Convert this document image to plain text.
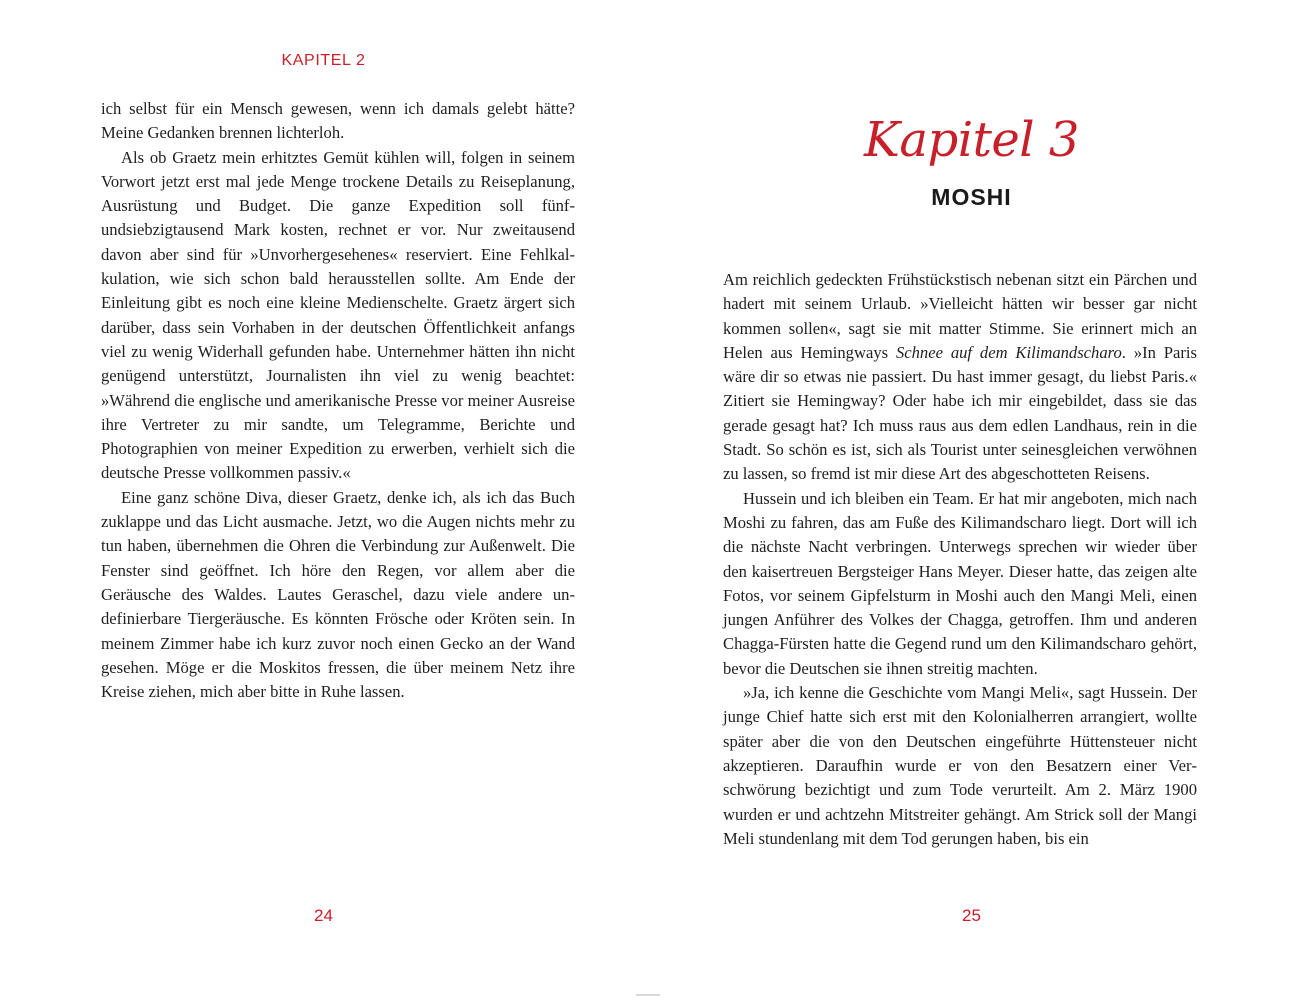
KAPITEL 2

ich selbst für ein Mensch gewesen, wenn ich damals gelebt hätte? Meine Gedanken brennen lichterloh.

Als ob Graetz mein erhitztes Gemüt kühlen will, folgen in seinem Vorwort jetzt erst mal jede Menge trockene Details zu Reiseplanung, Ausrüstung und Budget. Die ganze Expedition soll fünfundsiebzigtausend Mark kosten, rechnet er vor. Nur zweitausend davon aber sind für »Unvorhergesehenes« reserviert. Eine Fehlkalkulation, wie sich schon bald herausstellen sollte. Am Ende der Einleitung gibt es noch eine kleine Medienschelte. Graetz ärgert sich darüber, dass sein Vorhaben in der deutschen Öffentlichkeit anfangs viel zu wenig Widerhall gefunden habe. Unternehmer hätten ihn nicht genügend unterstützt, Journalisten ihn viel zu wenig beachtet: »Während die englische und amerikanische Presse vor meiner Ausreise ihre Vertreter zu mir sandte, um Telegramme, Berichte und Photographien von meiner Expedition zu erwerben, verhielt sich die deutsche Presse vollkommen passiv.«

Eine ganz schöne Diva, dieser Graetz, denke ich, als ich das Buch zuklappe und das Licht ausmache. Jetzt, wo die Augen nichts mehr zu tun haben, übernehmen die Ohren die Verbindung zur Außenwelt. Die Fenster sind geöffnet. Ich höre den Regen, vor allem aber die Geräusche des Waldes. Lautes Geraschel, dazu viele andere undefinierbare Tiergeräusche. Es könnten Frösche oder Kröten sein. In meinem Zimmer habe ich kurz zuvor noch einen Gecko an der Wand gesehen. Möge er die Moskitos fressen, die über meinem Netz ihre Kreise ziehen, mich aber bitte in Ruhe lassen.

24
Kapitel 3
MOSHI

Am reichlich gedeckten Frühstückstisch nebenan sitzt ein Pärchen und hadert mit seinem Urlaub. »Vielleicht hätten wir besser gar nicht kommen sollen«, sagt sie mit matter Stimme. Sie erinnert mich an Helen aus Hemingways Schnee auf dem Kilimandscharo. »In Paris wäre dir so etwas nie passiert. Du hast immer gesagt, du liebst Paris.« Zitiert sie Hemingway? Oder habe ich mir eingebildet, dass sie das gerade gesagt hat? Ich muss raus aus dem edlen Landhaus, rein in die Stadt. So schön es ist, sich als Tourist unter seinesgleichen verwöhnen zu lassen, so fremd ist mir diese Art des abgeschotteten Reisens.

Hussein und ich bleiben ein Team. Er hat mir angeboten, mich nach Moshi zu fahren, das am Fuße des Kilimandscharo liegt. Dort will ich die nächste Nacht verbringen. Unterwegs sprechen wir wieder über den kaisertreuen Bergsteiger Hans Meyer. Dieser hatte, das zeigen alte Fotos, vor seinem Gipfelsturm in Moshi auch den Mangi Meli, einen jungen Anführer des Volkes der Chagga, getroffen. Ihm und anderen Chagga-Fürsten hatte die Gegend rund um den Kilimandscharo gehört, bevor die Deutschen sie ihnen streitig machten.

»Ja, ich kenne die Geschichte vom Mangi Meli«, sagt Hussein. Der junge Chief hatte sich erst mit den Kolonialherren arrangiert, wollte später aber die von den Deutschen eingeführte Hüttensteuer nicht akzeptieren. Daraufhin wurde er von den Besatzern einer Verschwörung bezichtigt und zum Tode verurteilt. Am 2. März 1900 wurden er und achtzehn Mitstreiter gehängt. Am Strick soll der Mangi Meli stundenlang mit dem Tod gerungen haben, bis ein

25
